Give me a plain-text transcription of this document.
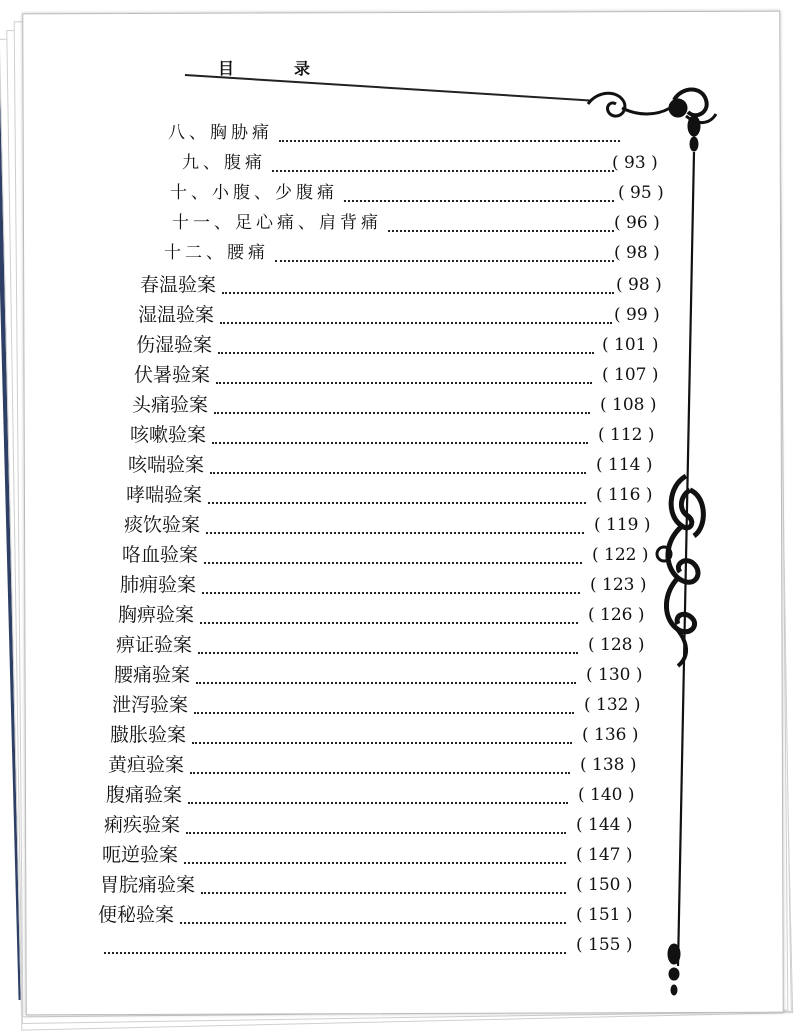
目　录
八、胸胁痛
九、腹痛	( 93 )
十、小腹、少腹痛	( 95 )
十一、足心痛、肩背痛	( 96 )
十二、腰痛	( 98 )
春温验案	( 98 )
湿温验案	( 99 )
伤湿验案	( 101 )
伏暑验案	( 107 )
头痛验案	( 108 )
咳嗽验案	( 112 )
咳喘验案	( 114 )
哮喘验案	( 116 )
痰饮验案	( 119 )
咯血验案	( 122 )
肺痈验案	( 123 )
胸痹验案	( 126 )
痹证验案	( 128 )
腰痛验案	( 130 )
泄泻验案	( 132 )
臌胀验案	( 136 )
黄疸验案	( 138 )
腹痛验案	( 140 )
痢疾验案	( 144 )
呃逆验案	( 147 )
胃脘痛验案	( 150 )
便秘验案	( 151 )
( 155 )
